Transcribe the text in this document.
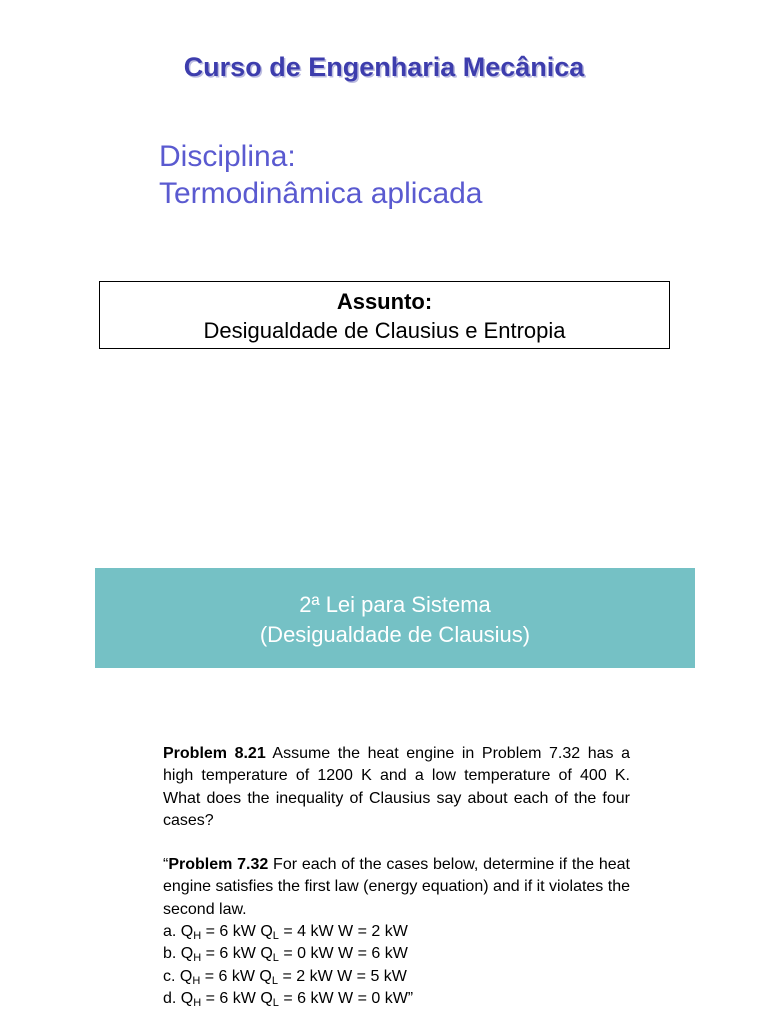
Curso de Engenharia Mecânica
Disciplina:
Termodinâmica aplicada
Assunto:
Desigualdade de Clausius e Entropia
2ª Lei para Sistema
(Desigualdade de Clausius)

Problem 8.21 Assume the heat engine in Problem 7.32 has a high temperature of 1200 K and a low temperature of 400 K. What does the inequality of Clausius say about each of the four cases?

“Problem 7.32 For each of the cases below, determine if the heat engine satisfies the first law (energy equation) and if it violates the second law.

a. $Q_H = 6$ kW $Q_L = 4$ kW W = 2 kW
b. $Q_H = 6$ kW $Q_L = 0$ kW W = 6 kW
c. $Q_H = 6$ kW $Q_L = 2$ kW W = 5 kW
d. $Q_H = 6$ kW $Q_L = 6$ kW W = 0 kW”
